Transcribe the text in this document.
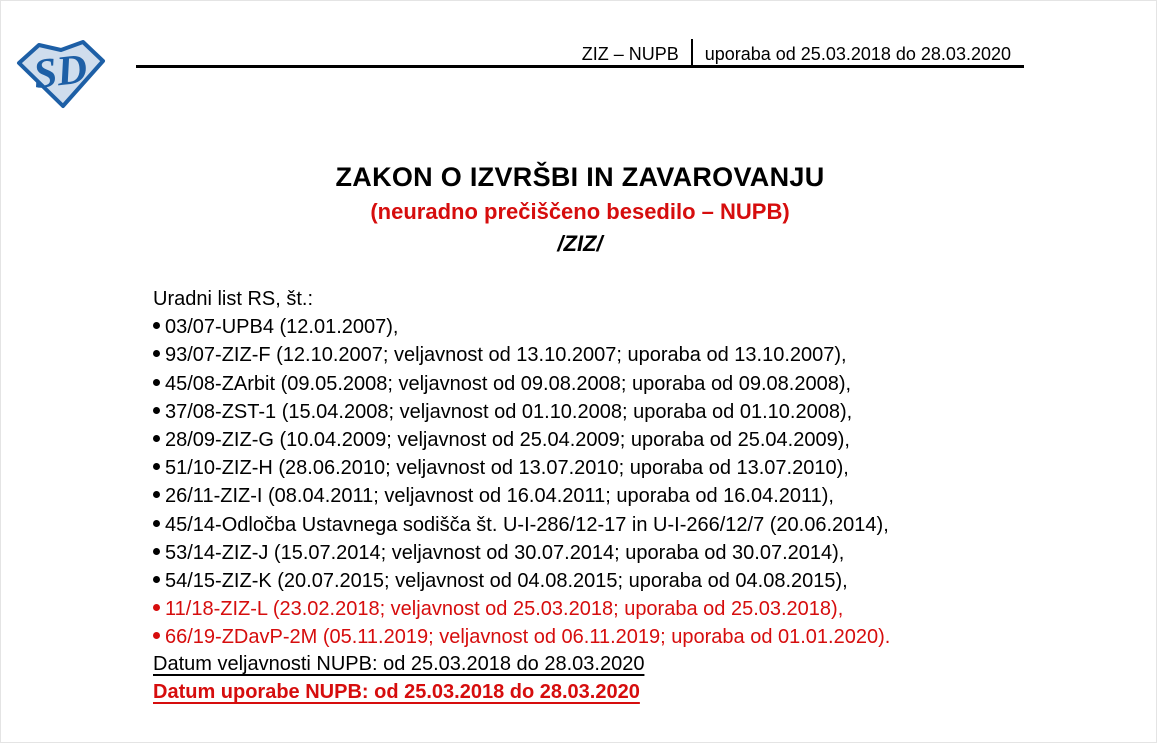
SD	ZIZ – NUPB	uporaba od 25.03.2018 do 28.03.2020
ZAKON O IZVRŠBI IN ZAVAROVANJU
(neuradno prečiščeno besedilo – NUPB)
/ZIZ/
Uradni list RS, št.:
03/07-UPB4 (12.01.2007),
93/07-ZIZ-F (12.10.2007; veljavnost od 13.10.2007; uporaba od 13.10.2007),
45/08-ZArbit (09.05.2008; veljavnost od 09.08.2008; uporaba od 09.08.2008),
37/08-ZST-1 (15.04.2008; veljavnost od 01.10.2008; uporaba od 01.10.2008),
28/09-ZIZ-G (10.04.2009; veljavnost od 25.04.2009; uporaba od 25.04.2009),
51/10-ZIZ-H (28.06.2010; veljavnost od 13.07.2010; uporaba od 13.07.2010),
26/11-ZIZ-I (08.04.2011; veljavnost od 16.04.2011; uporaba od 16.04.2011),
45/14-Odločba Ustavnega sodišča št. U-I-286/12-17 in U-I-266/12/7 (20.06.2014),
53/14-ZIZ-J (15.07.2014; veljavnost od 30.07.2014; uporaba od 30.07.2014),
54/15-ZIZ-K (20.07.2015; veljavnost od 04.08.2015; uporaba od 04.08.2015),
11/18-ZIZ-L (23.02.2018; veljavnost od 25.03.2018; uporaba od 25.03.2018),
66/19-ZDavP-2M (05.11.2019; veljavnost od 06.11.2019; uporaba od 01.01.2020).
Datum veljavnosti NUPB: od 25.03.2018 do 28.03.2020
Datum uporabe NUPB: od 25.03.2018 do 28.03.2020
